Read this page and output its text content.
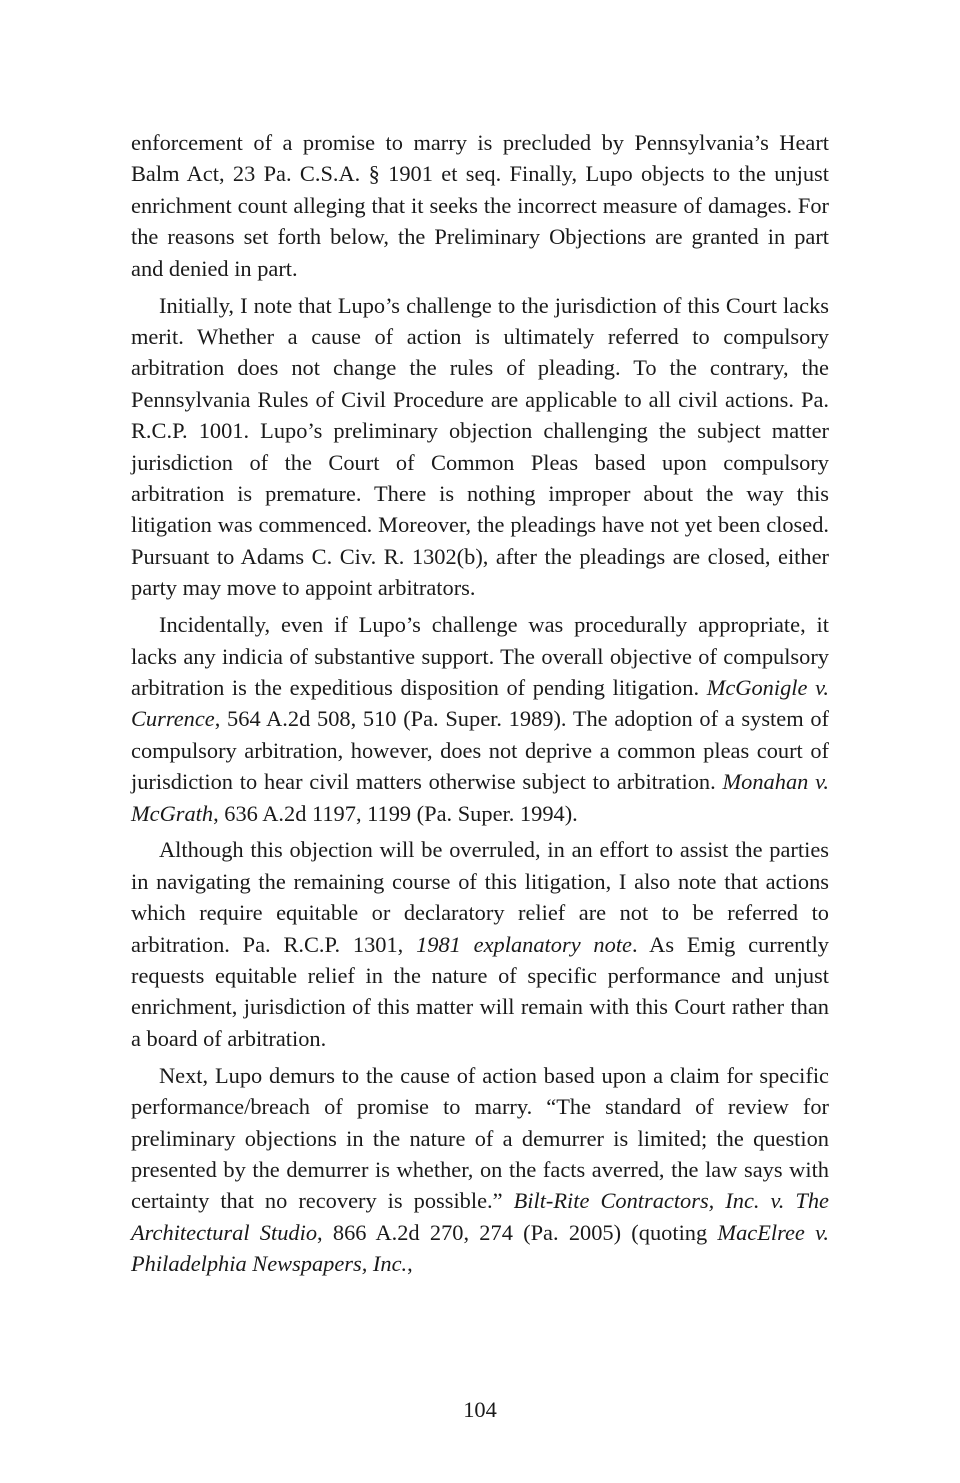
enforcement of a promise to marry is precluded by Pennsylvania’s Heart Balm Act, 23 Pa. C.S.A. § 1901 et seq. Finally, Lupo objects to the unjust enrichment count alleging that it seeks the incorrect measure of damages. For the reasons set forth below, the Preliminary Objections are granted in part and denied in part.

Initially, I note that Lupo’s challenge to the jurisdiction of this Court lacks merit. Whether a cause of action is ultimately referred to compulsory arbitration does not change the rules of pleading. To the contrary, the Pennsylvania Rules of Civil Procedure are applicable to all civil actions. Pa. R.C.P. 1001. Lupo’s preliminary objection challenging the subject matter jurisdiction of the Court of Common Pleas based upon compulsory arbitration is premature. There is nothing improper about the way this litigation was commenced. Moreover, the pleadings have not yet been closed. Pursuant to Adams C. Civ. R. 1302(b), after the pleadings are closed, either party may move to appoint arbitrators.

Incidentally, even if Lupo’s challenge was procedurally appropriate, it lacks any indicia of substantive support. The overall objective of compulsory arbitration is the expeditious disposition of pending litigation. McGonigle v. Currence, 564 A.2d 508, 510 (Pa. Super. 1989). The adoption of a system of compulsory arbitration, however, does not deprive a common pleas court of jurisdiction to hear civil matters otherwise subject to arbitration. Monahan v. McGrath, 636 A.2d 1197, 1199 (Pa. Super. 1994).

Although this objection will be overruled, in an effort to assist the parties in navigating the remaining course of this litigation, I also note that actions which require equitable or declaratory relief are not to be referred to arbitration. Pa. R.C.P. 1301, 1981 explanatory note. As Emig currently requests equitable relief in the nature of specific performance and unjust enrichment, jurisdiction of this matter will remain with this Court rather than a board of arbitration.

Next, Lupo demurs to the cause of action based upon a claim for specific performance/breach of promise to marry. “The standard of review for preliminary objections in the nature of a demurrer is limited; the question presented by the demurrer is whether, on the facts averred, the law says with certainty that no recovery is possible.” Bilt-Rite Contractors, Inc. v. The Architectural Studio, 866 A.2d 270, 274 (Pa. 2005) (quoting MacElree v. Philadelphia Newspapers, Inc.,

104
